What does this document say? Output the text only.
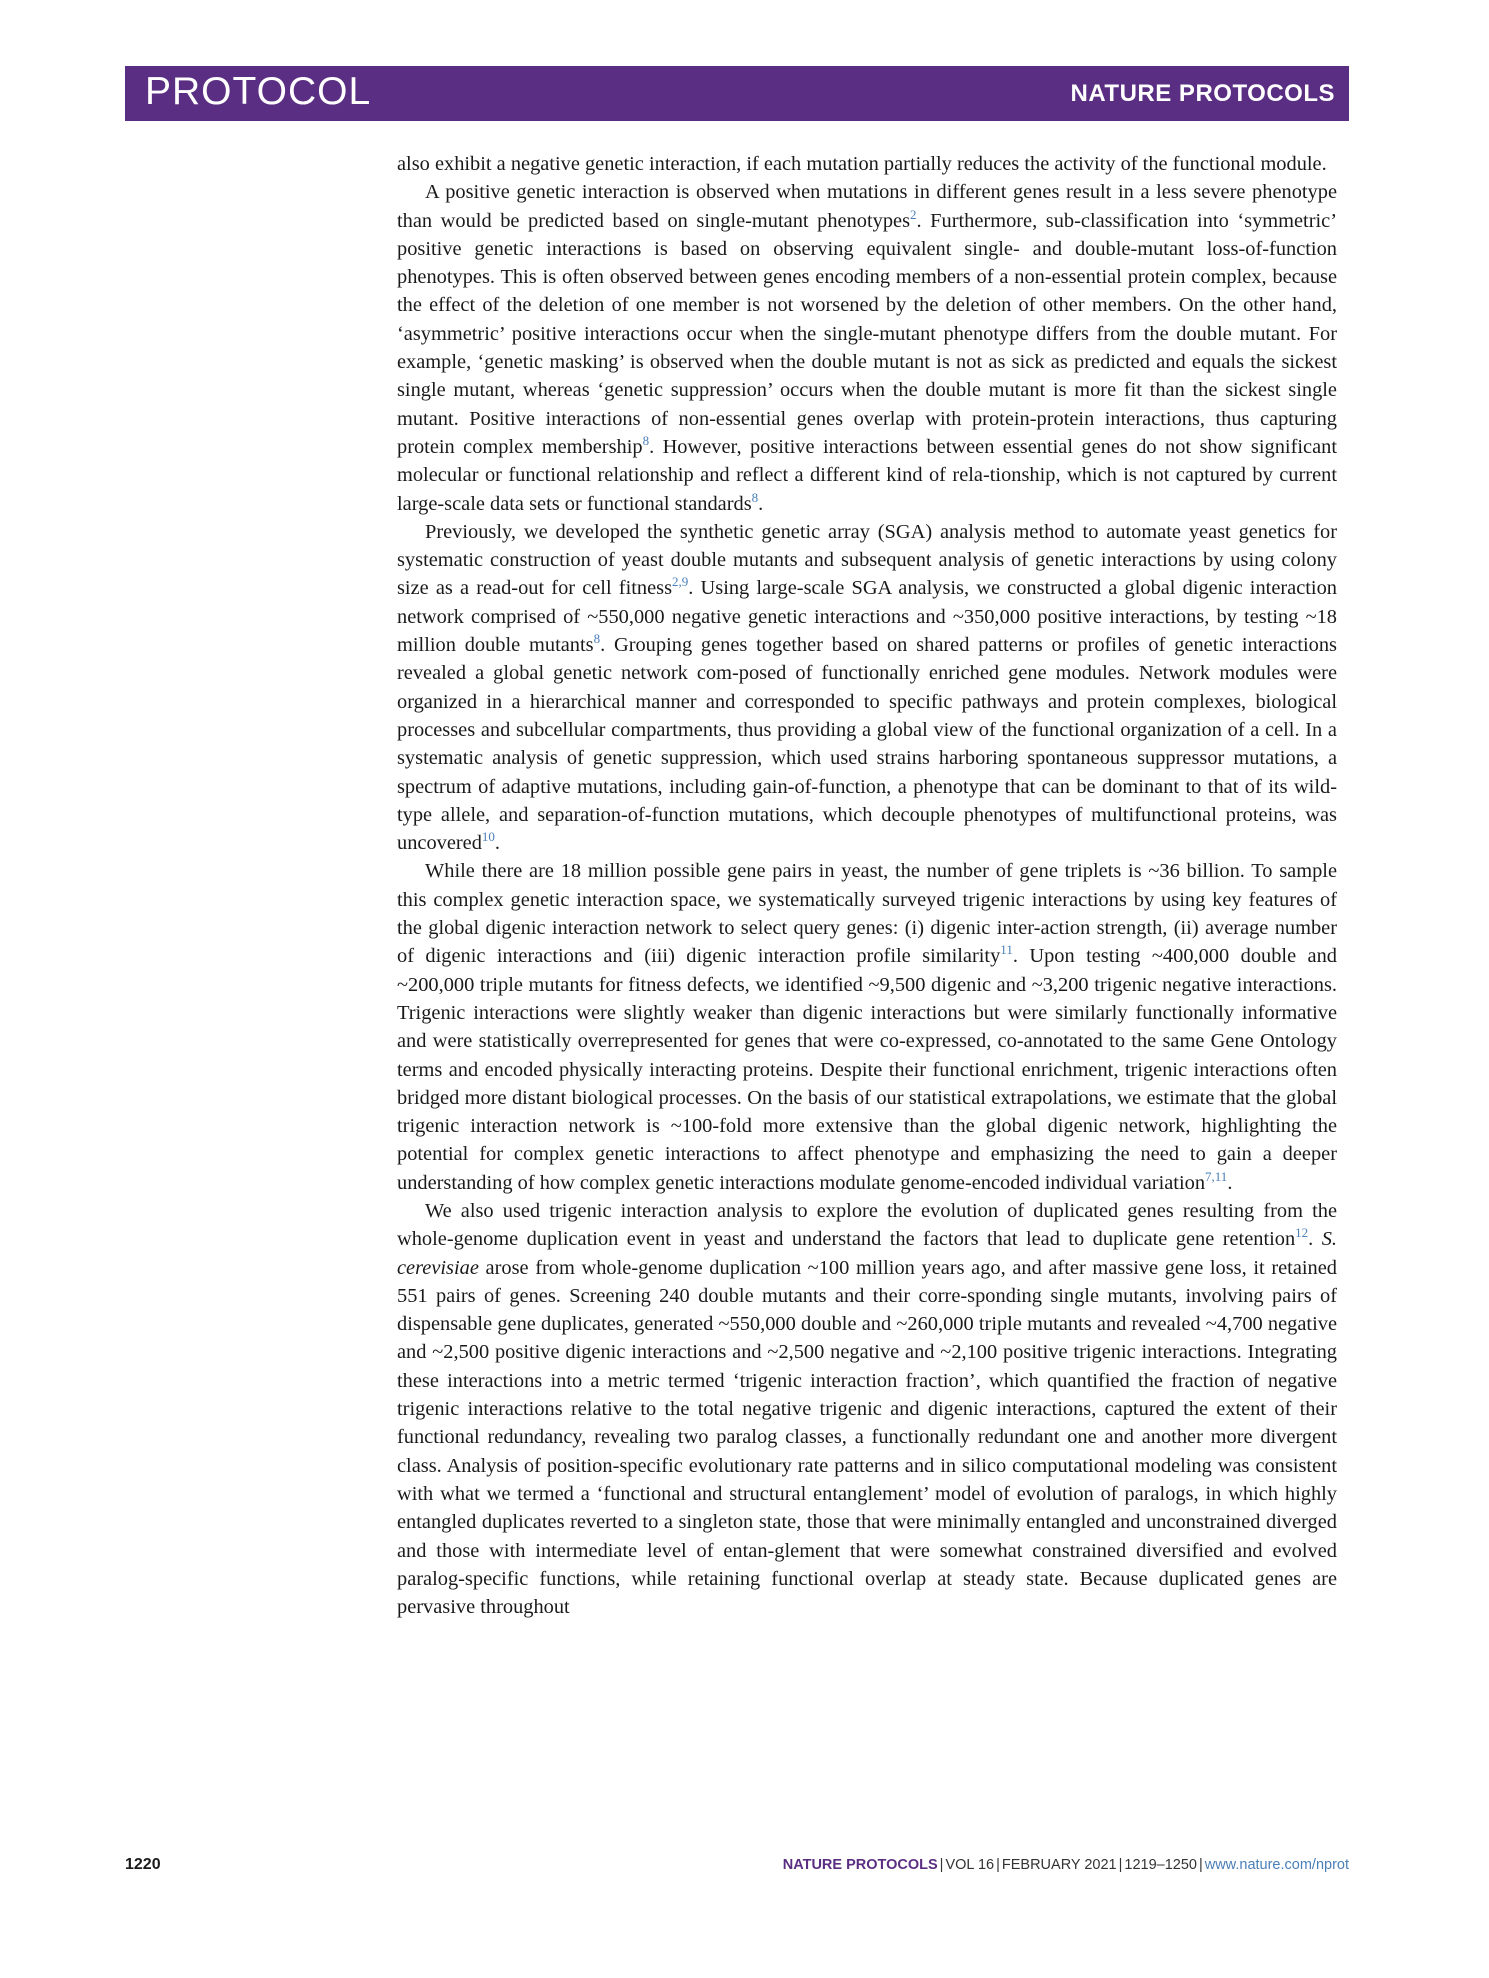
PROTOCOL	NATURE PROTOCOLS

also exhibit a negative genetic interaction, if each mutation partially reduces the activity of the functional module.

A positive genetic interaction is observed when mutations in different genes result in a less severe phenotype than would be predicted based on single-mutant phenotypes$^2$. Furthermore, sub-classification into ‘symmetric’ positive genetic interactions is based on observing equivalent single- and double-mutant loss-of-function phenotypes. This is often observed between genes encoding members of a non-essential protein complex, because the effect of the deletion of one member is not worsened by the deletion of other members. On the other hand, ‘asymmetric’ positive interactions occur when the single-mutant phenotype differs from the double mutant. For example, ‘genetic masking’ is observed when the double mutant is not as sick as predicted and equals the sickest single mutant, whereas ‘genetic suppression’ occurs when the double mutant is more fit than the sickest single mutant. Positive interactions of non-essential genes overlap with protein-protein interactions, thus capturing protein complex membership$^8$. However, positive interactions between essential genes do not show significant molecular or functional relationship and reflect a different kind of rela-tionship, which is not captured by current large-scale data sets or functional standards$^8$.

Previously, we developed the synthetic genetic array (SGA) analysis method to automate yeast genetics for systematic construction of yeast double mutants and subsequent analysis of genetic interactions by using colony size as a read-out for cell fitness$^{2,9}$. Using large-scale SGA analysis, we constructed a global digenic interaction network comprised of ~550,000 negative genetic interactions and ~350,000 positive interactions, by testing ~18 million double mutants$^8$. Grouping genes together based on shared patterns or profiles of genetic interactions revealed a global genetic network com-posed of functionally enriched gene modules. Network modules were organized in a hierarchical manner and corresponded to specific pathways and protein complexes, biological processes and subcellular compartments, thus providing a global view of the functional organization of a cell. In a systematic analysis of genetic suppression, which used strains harboring spontaneous suppressor mutations, a spectrum of adaptive mutations, including gain-of-function, a phenotype that can be dominant to that of its wild-type allele, and separation-of-function mutations, which decouple phenotypes of multifunctional proteins, was uncovered$^{10}$.

While there are 18 million possible gene pairs in yeast, the number of gene triplets is ~36 billion. To sample this complex genetic interaction space, we systematically surveyed trigenic interactions by using key features of the global digenic interaction network to select query genes: (i) digenic inter-action strength, (ii) average number of digenic interactions and (iii) digenic interaction profile similarity$^{11}$. Upon testing ~400,000 double and ~200,000 triple mutants for fitness defects, we identified ~9,500 digenic and ~3,200 trigenic negative interactions. Trigenic interactions were slightly weaker than digenic interactions but were similarly functionally informative and were statistically overrepresented for genes that were co-expressed, co-annotated to the same Gene Ontology terms and encoded physically interacting proteins. Despite their functional enrichment, trigenic interactions often bridged more distant biological processes. On the basis of our statistical extrapolations, we estimate that the global trigenic interaction network is ~100-fold more extensive than the global digenic network, highlighting the potential for complex genetic interactions to affect phenotype and emphasizing the need to gain a deeper understanding of how complex genetic interactions modulate genome-encoded individual variation$^{7,11}$.

We also used trigenic interaction analysis to explore the evolution of duplicated genes resulting from the whole-genome duplication event in yeast and understand the factors that lead to duplicate gene retention$^{12}$. S. cerevisiae arose from whole-genome duplication ~100 million years ago, and after massive gene loss, it retained 551 pairs of genes. Screening 240 double mutants and their corre-sponding single mutants, involving pairs of dispensable gene duplicates, generated ~550,000 double and ~260,000 triple mutants and revealed ~4,700 negative and ~2,500 positive digenic interactions and ~2,500 negative and ~2,100 positive trigenic interactions. Integrating these interactions into a metric termed ‘trigenic interaction fraction’, which quantified the fraction of negative trigenic interactions relative to the total negative trigenic and digenic interactions, captured the extent of their functional redundancy, revealing two paralog classes, a functionally redundant one and another more divergent class. Analysis of position-specific evolutionary rate patterns and in silico computational modeling was consistent with what we termed a ‘functional and structural entanglement’ model of evolution of paralogs, in which highly entangled duplicates reverted to a singleton state, those that were minimally entangled and unconstrained diverged and those with intermediate level of entan-glement that were somewhat constrained diversified and evolved paralog-specific functions, while retaining functional overlap at steady state. Because duplicated genes are pervasive throughout

1220	NATURE PROTOCOLS | VOL 16 | FEBRUARY 2021 | 1219–1250 | www.nature.com/nprot
